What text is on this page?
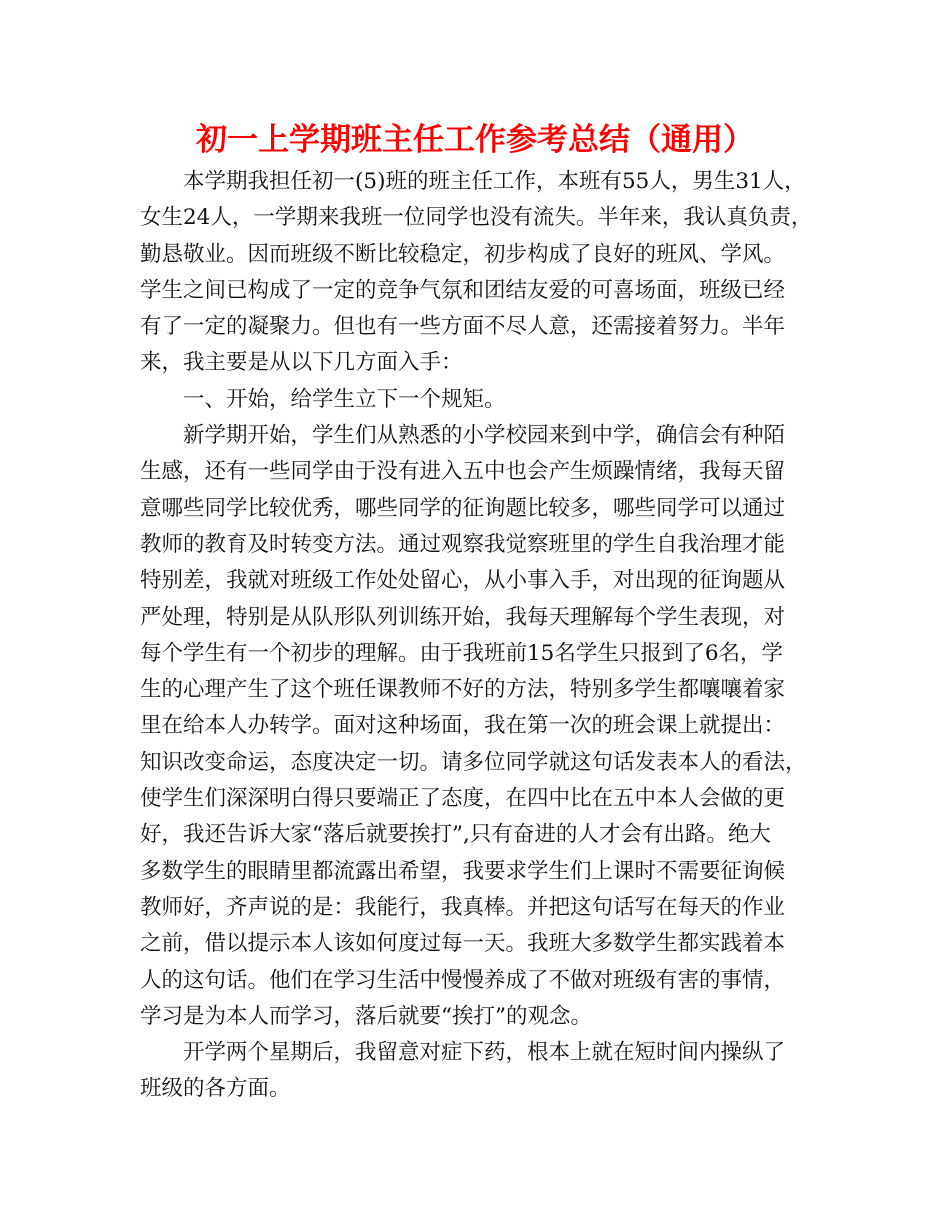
初一上学期班主任工作参考总结（通用）
本学期我担任初一(5)班的班主任工作，本班有55人，男生31人，
女生24人，一学期来我班一位同学也没有流失。半年来，我认真负责，
勤恳敬业。因而班级不断比较稳定，初步构成了良好的班风、学风。
学生之间已构成了一定的竞争气氛和团结友爱的可喜场面，班级已经
有了一定的凝聚力。但也有一些方面不尽人意，还需接着努力。半年
来，我主要是从以下几方面入手：
一、开始，给学生立下一个规矩。
新学期开始，学生们从熟悉的小学校园来到中学，确信会有种陌
生感，还有一些同学由于没有进入五中也会产生烦躁情绪，我每天留
意哪些同学比较优秀，哪些同学的征询题比较多，哪些同学可以通过
教师的教育及时转变方法。通过观察我觉察班里的学生自我治理才能
特别差，我就对班级工作处处留心，从小事入手，对出现的征询题从
严处理，特别是从队形队列训练开始，我每天理解每个学生表现，对
每个学生有一个初步的理解。由于我班前15名学生只报到了6名，学
生的心理产生了这个班任课教师不好的方法，特别多学生都嚷嚷着家
里在给本人办转学。面对这种场面，我在第一次的班会课上就提出：
知识改变命运，态度决定一切。请多位同学就这句话发表本人的看法，
使学生们深深明白得只要端正了态度，在四中比在五中本人会做的更
好，我还告诉大家“落后就要挨打”,只有奋进的人才会有出路。绝大
多数学生的眼睛里都流露出希望，我要求学生们上课时不需要征询候
教师好，齐声说的是：我能行，我真棒。并把这句话写在每天的作业
之前，借以提示本人该如何度过每一天。我班大多数学生都实践着本
人的这句话。他们在学习生活中慢慢养成了不做对班级有害的事情，
学习是为本人而学习，落后就要“挨打”的观念。
开学两个星期后，我留意对症下药，根本上就在短时间内操纵了
班级的各方面。
